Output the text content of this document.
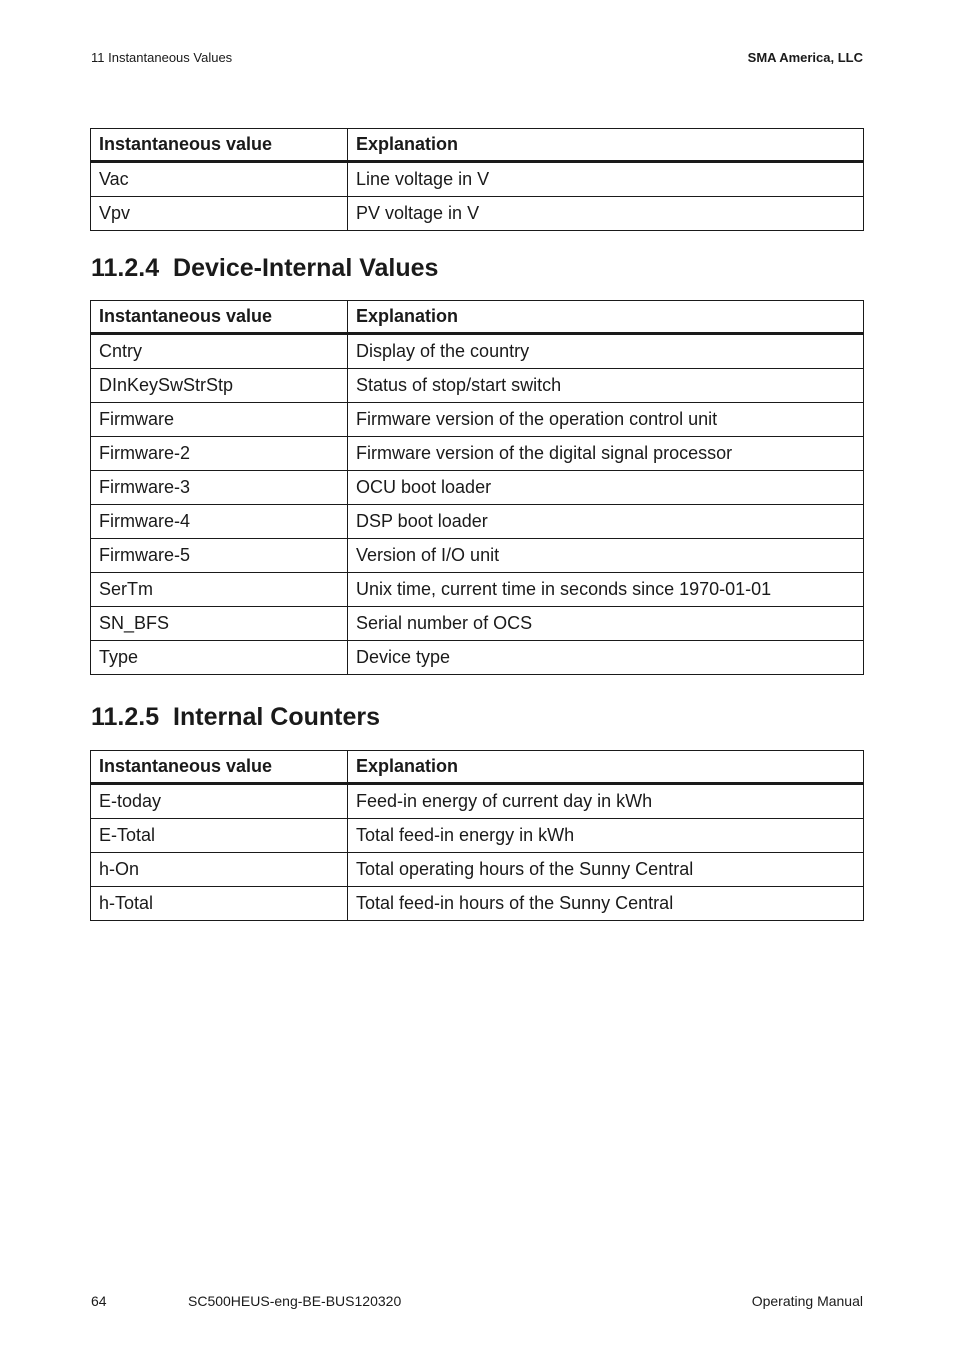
11 Instantaneous Values	SMA America, LLC
Instantaneous value	Explanation
Vac	Line voltage in V
Vpv	PV voltage in V
11.2.4 Device-Internal Values
Instantaneous value	Explanation
Cntry	Display of the country
DInKeySwStrStp	Status of stop/start switch
Firmware	Firmware version of the operation control unit
Firmware-2	Firmware version of the digital signal processor
Firmware-3	OCU boot loader
Firmware-4	DSP boot loader
Firmware-5	Version of I/O unit
SerTm	Unix time, current time in seconds since 1970-01-01
SN_BFS	Serial number of OCS
Type	Device type
11.2.5 Internal Counters
Instantaneous value	Explanation
E-today	Feed-in energy of current day in kWh
E-Total	Total feed-in energy in kWh
h-On	Total operating hours of the Sunny Central
h-Total	Total feed-in hours of the Sunny Central
64	SC500HEUS-eng-BE-BUS120320	Operating Manual
